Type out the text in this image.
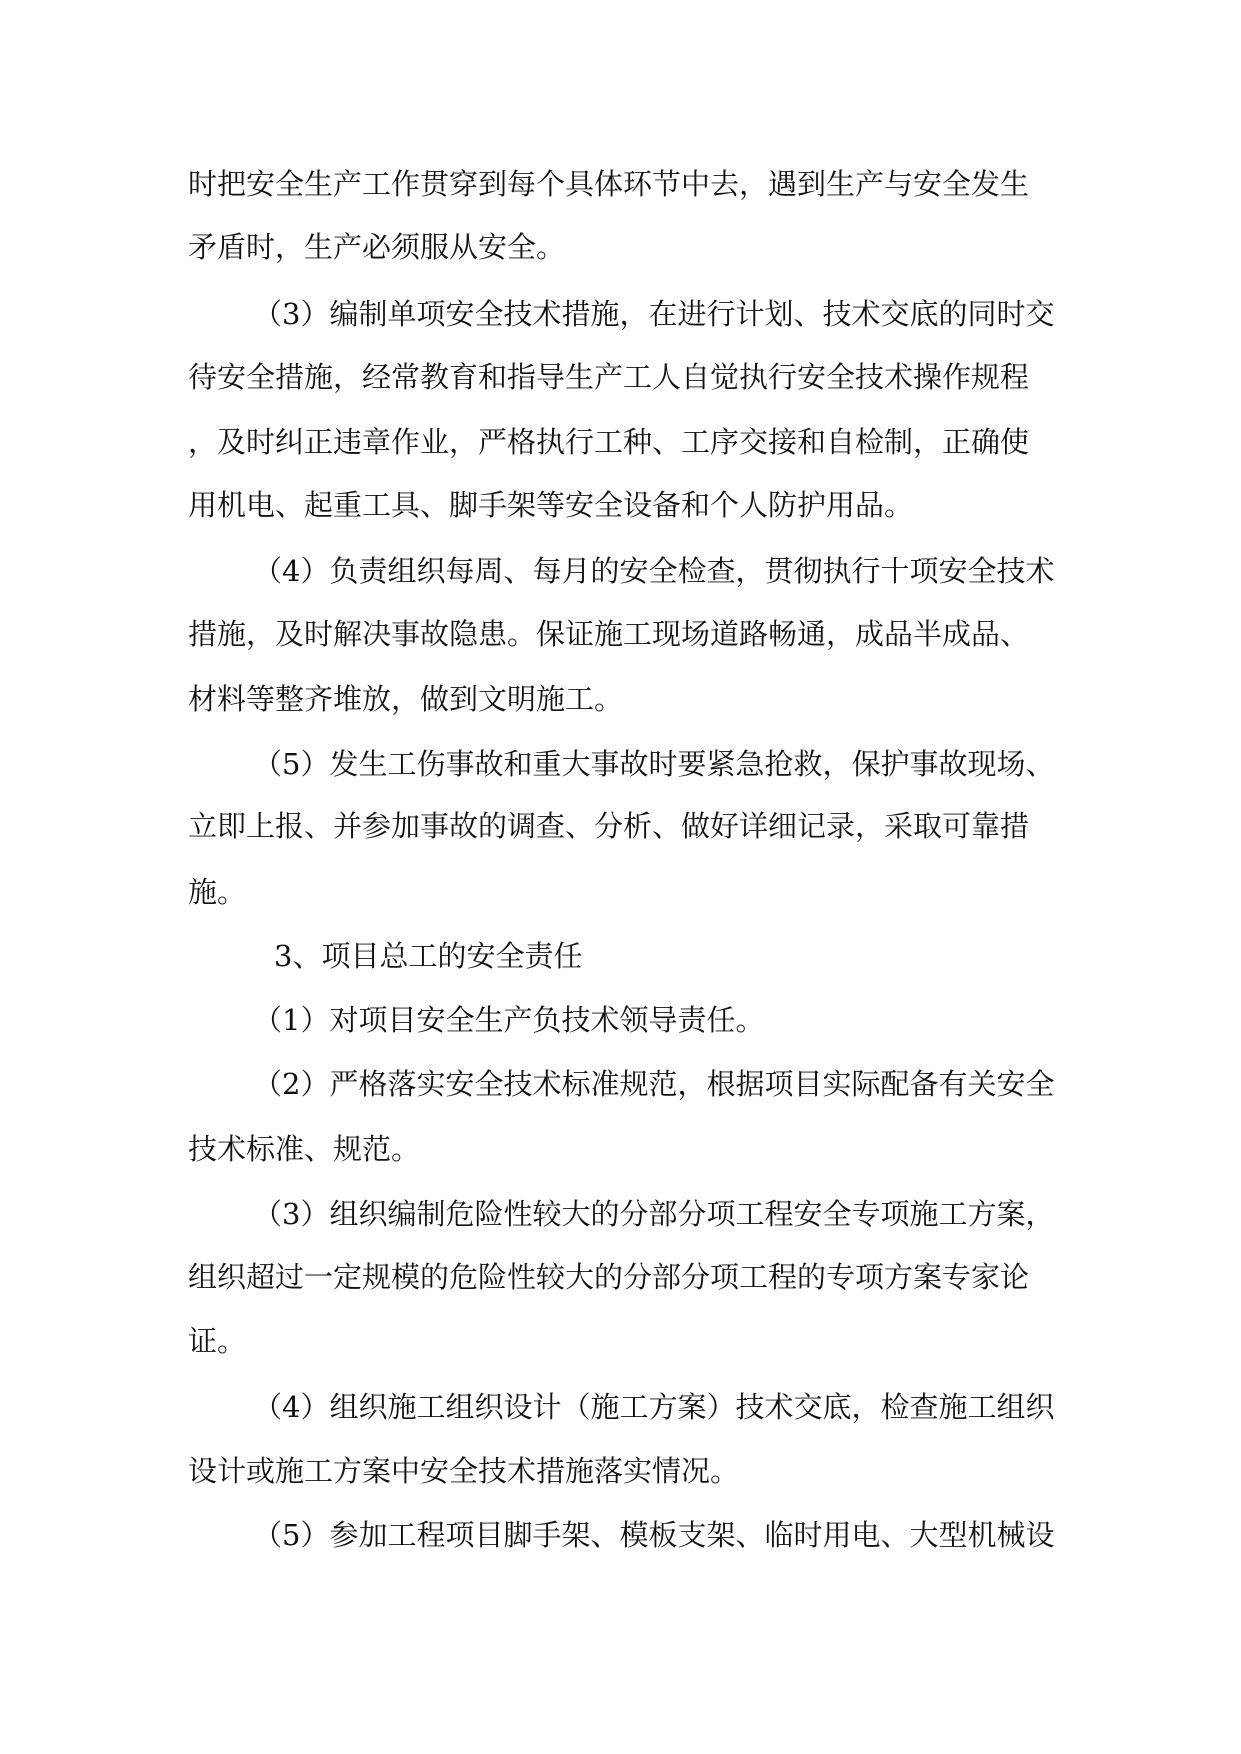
时把安全生产工作贯穿到每个具体环节中去，遇到生产与安全发生

矛盾时，生产必须服从安全。

（3）编制单项安全技术措施，在进行计划、技术交底的同时交

待安全措施，经常教育和指导生产工人自觉执行安全技术操作规程

，及时纠正违章作业，严格执行工种、工序交接和自检制，正确使

用机电、起重工具、脚手架等安全设备和个人防护用品。

（4）负责组织每周、每月的安全检查，贯彻执行十项安全技术

措施，及时解决事故隐患。保证施工现场道路畅通，成品半成品、

材料等整齐堆放，做到文明施工。

（5）发生工伤事故和重大事故时要紧急抢救，保护事故现场、

立即上报、并参加事故的调查、分析、做好详细记录，采取可靠措

施。

3、项目总工的安全责任

（1）对项目安全生产负技术领导责任。

（2）严格落实安全技术标准规范，根据项目实际配备有关安全

技术标准、规范。

（3）组织编制危险性较大的分部分项工程安全专项施工方案，

组织超过一定规模的危险性较大的分部分项工程的专项方案专家论

证。

（4）组织施工组织设计（施工方案）技术交底，检查施工组织

设计或施工方案中安全技术措施落实情况。

（5）参加工程项目脚手架、模板支架、临时用电、大型机械设
